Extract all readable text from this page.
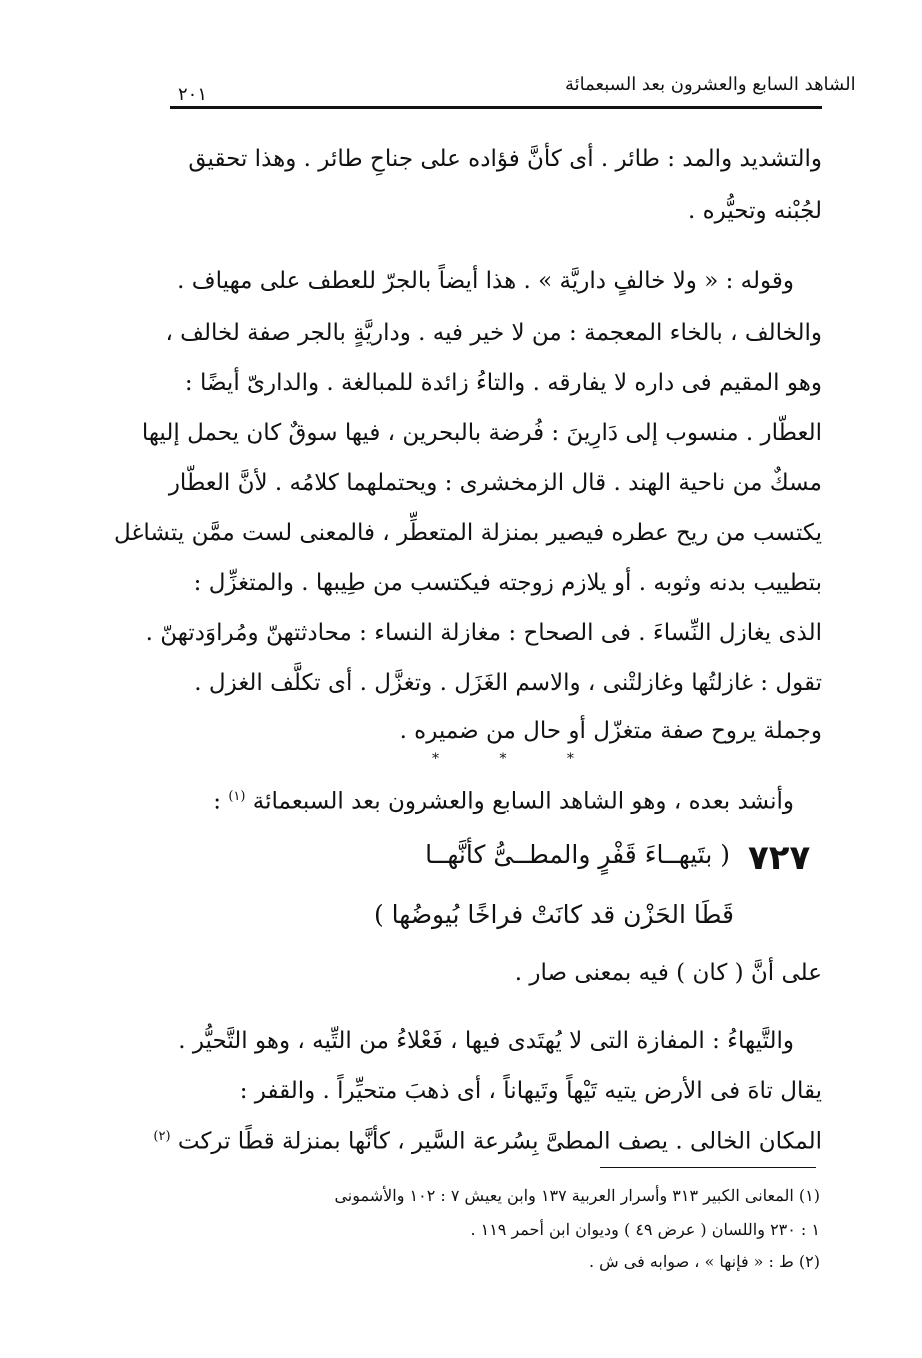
الشاهد السابع والعشرون بعد السبعمائة
٢٠١
والتشديد والمد : طائر . أى كأنَّ فؤاده على جناحِ طائر . وهذا تحقيق
لجُبْنه وتحيُّره .
وقوله : « ولا خالفٍ داريَّة » . هذا أيضاً بالجرّ للعطف على مهياف .
والخالف ، بالخاء المعجمة : من لا خير فيه . وداريَّةٍ بالجر صفة لخالف ،
وهو المقيم فى داره لا يفارقه . والتاءُ زائدة للمبالغة . والدارىّ أيضًا :
العطّار . منسوب إلى دَارِينَ : فُرضة بالبحرين ، فيها سوقٌ كان يحمل إليها
مسكٌ من ناحية الهند . قال الزمخشرى : ويحتملهما كلامُه . لأنَّ العطّار
يكتسب من ريح عطره فيصير بمنزلة المتعطِّر ، فالمعنى لست ممَّن يتشاغل
بتطييب بدنه وثوبه . أو يلازم زوجته فيكتسب من طِيبها . والمتغزِّل :
الذى يغازل النِّساءَ . فى الصحاح : مغازلة النساء : محادثتهنّ ومُراوَدتهنّ .
تقول : غازلتُها وغازلتْنى ، والاسم الغَزَل . وتغزَّل . أى تكلَّف الغزل .
وجملة يروح صفة متغزّل أو حال من ضميره .
* * *
وأنشد بعده ، وهو الشاهد السابع والعشرون بعد السبعمائة $^{(١)}$ :
٧٢٧
( بتَيهــاءَ قَفْرٍ والمطــىُّ كأنَّهــا
قَطَا الحَزْن قد كانَتْ فراخًا بُيوضُها )
على أنَّ ( كان ) فيه بمعنى صار .
والتَّيهاءُ : المفازة التى لا يُهتَدى فيها ، فَعْلاءُ من التِّيه ، وهو التَّحيُّر .
يقال تاهَ فى الأرض يتيه تَيْهاً وتَيهاناً ، أى ذهبَ متحيِّراً . والقفر :
المكان الخالى . يصف المطىَّ بِسُرعة السَّير ، كأنَّها بمنزلة قطًا تركت $^{(٢)}$
(١) المعانى الكبير ٣١٣ وأسرار العربية ١٣٧ وابن يعيش ٧ : ١٠٢ والأشمونى
١ : ٢٣٠ واللسان ( عرض ٤٩ ) وديوان ابن أحمر ١١٩ .
(٢) ط : « فإنها » ، صوابه فى ش .
